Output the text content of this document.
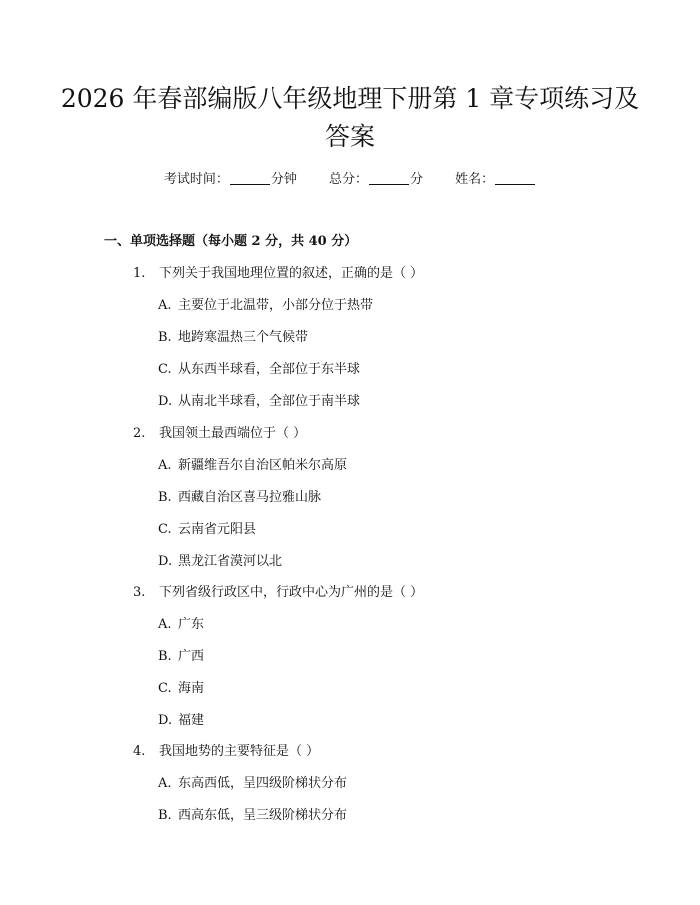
2026 年春部编版八年级地理下册第 1 章专项练习及答案
考试时间：	分钟 总分：	分 姓名：
一、单项选择题（每小题 2 分，共 40 分）
1. 下列关于我国地理位置的叙述，正确的是（ ）
A. 主要位于北温带，小部分位于热带
B. 地跨寒温热三个气候带
C. 从东西半球看，全部位于东半球
D. 从南北半球看，全部位于南半球
2. 我国领土最西端位于（ ）
A. 新疆维吾尔自治区帕米尔高原
B. 西藏自治区喜马拉雅山脉
C. 云南省元阳县
D. 黑龙江省漠河以北
3. 下列省级行政区中，行政中心为广州的是（ ）
A. 广东
B. 广西
C. 海南
D. 福建
4. 我国地势的主要特征是（ ）
A. 东高西低，呈四级阶梯状分布
B. 西高东低，呈三级阶梯状分布
